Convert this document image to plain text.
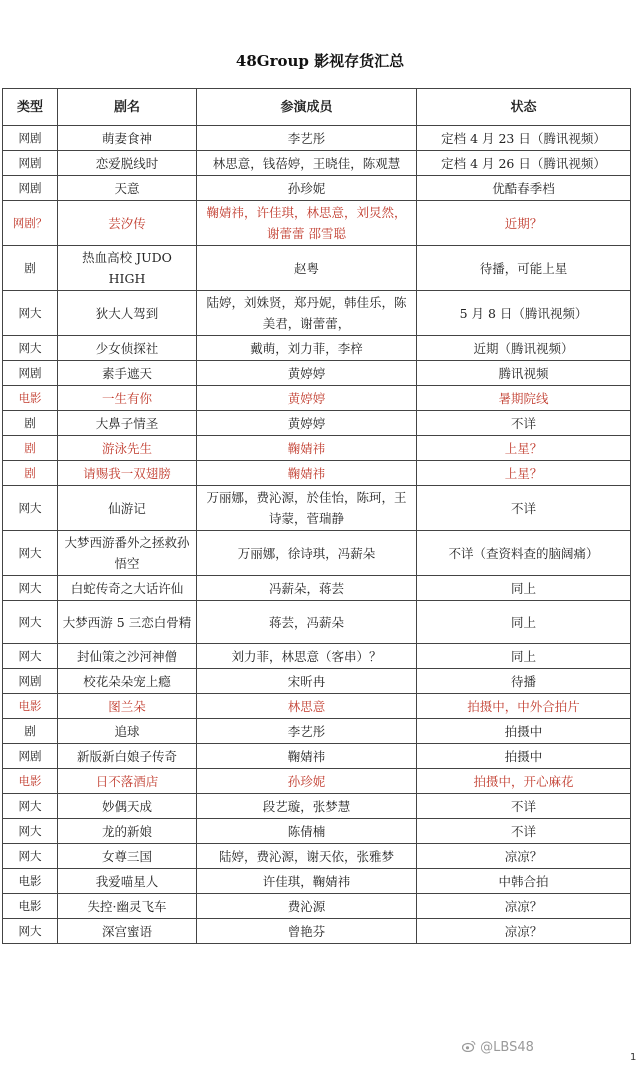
48Group 影视存货汇总
类型	剧名	参演成员	状态
网剧	萌妻食神	李艺彤	定档 4 月 23 日（腾讯视频）
网剧	恋爱脱线时	林思意，钱蓓婷，王晓佳，陈观慧	定档 4 月 26 日（腾讯视频）
网剧	天意	孙珍妮	优酷春季档
网剧？	芸汐传	鞠婧祎，许佳琪，林思意，刘炅然，谢蕾蕾 邵雪聪	近期？
剧	热血高校 JUDO HIGH	赵粤	待播，可能上星
网大	狄大人驾到	陆婷，刘姝贤，郑丹妮，韩佳乐，陈美君，谢蕾蕾，	5 月 8 日（腾讯视频）
网大	少女侦探社	戴萌，刘力菲，李梓	近期（腾讯视频）
网剧	素手遮天	黄婷婷	腾讯视频
电影	一生有你	黄婷婷	暑期院线
剧	大鼻子情圣	黄婷婷	不详
剧	游泳先生	鞠婧祎	上星？
剧	请赐我一双翅膀	鞠婧祎	上星？
网大	仙游记	万丽娜，费沁源，於佳怡，陈珂，王诗蒙，菅瑞静	不详
网大	大梦西游番外之拯救孙悟空	万丽娜，徐诗琪，冯薪朵	不详（查资料查的脑阔痛）
网大	白蛇传奇之大话许仙	冯薪朵，蒋芸	同上
网大	大梦西游 5 三恋白骨精	蒋芸，冯薪朵	同上
网大	封仙策之沙河神僧	刘力菲，林思意（客串）？	同上
网剧	校花朵朵宠上瘾	宋昕冉	待播
电影	图兰朵	林思意	拍摄中，中外合拍片
剧	追球	李艺彤	拍摄中
网剧	新版新白娘子传奇	鞠婧祎	拍摄中
电影	日不落酒店	孙珍妮	拍摄中，开心麻花
网大	妙偶天成	段艺璇，张梦慧	不详
网大	龙的新娘	陈倩楠	不详
网大	女尊三国	陆婷，费沁源，谢天依，张雅梦	凉凉？
电影	我爱喵星人	许佳琪，鞠婧祎	中韩合拍
电影	失控·幽灵飞车	费沁源	凉凉？
网大	深宫蜜语	曾艳芬	凉凉？
@LBS48
1
